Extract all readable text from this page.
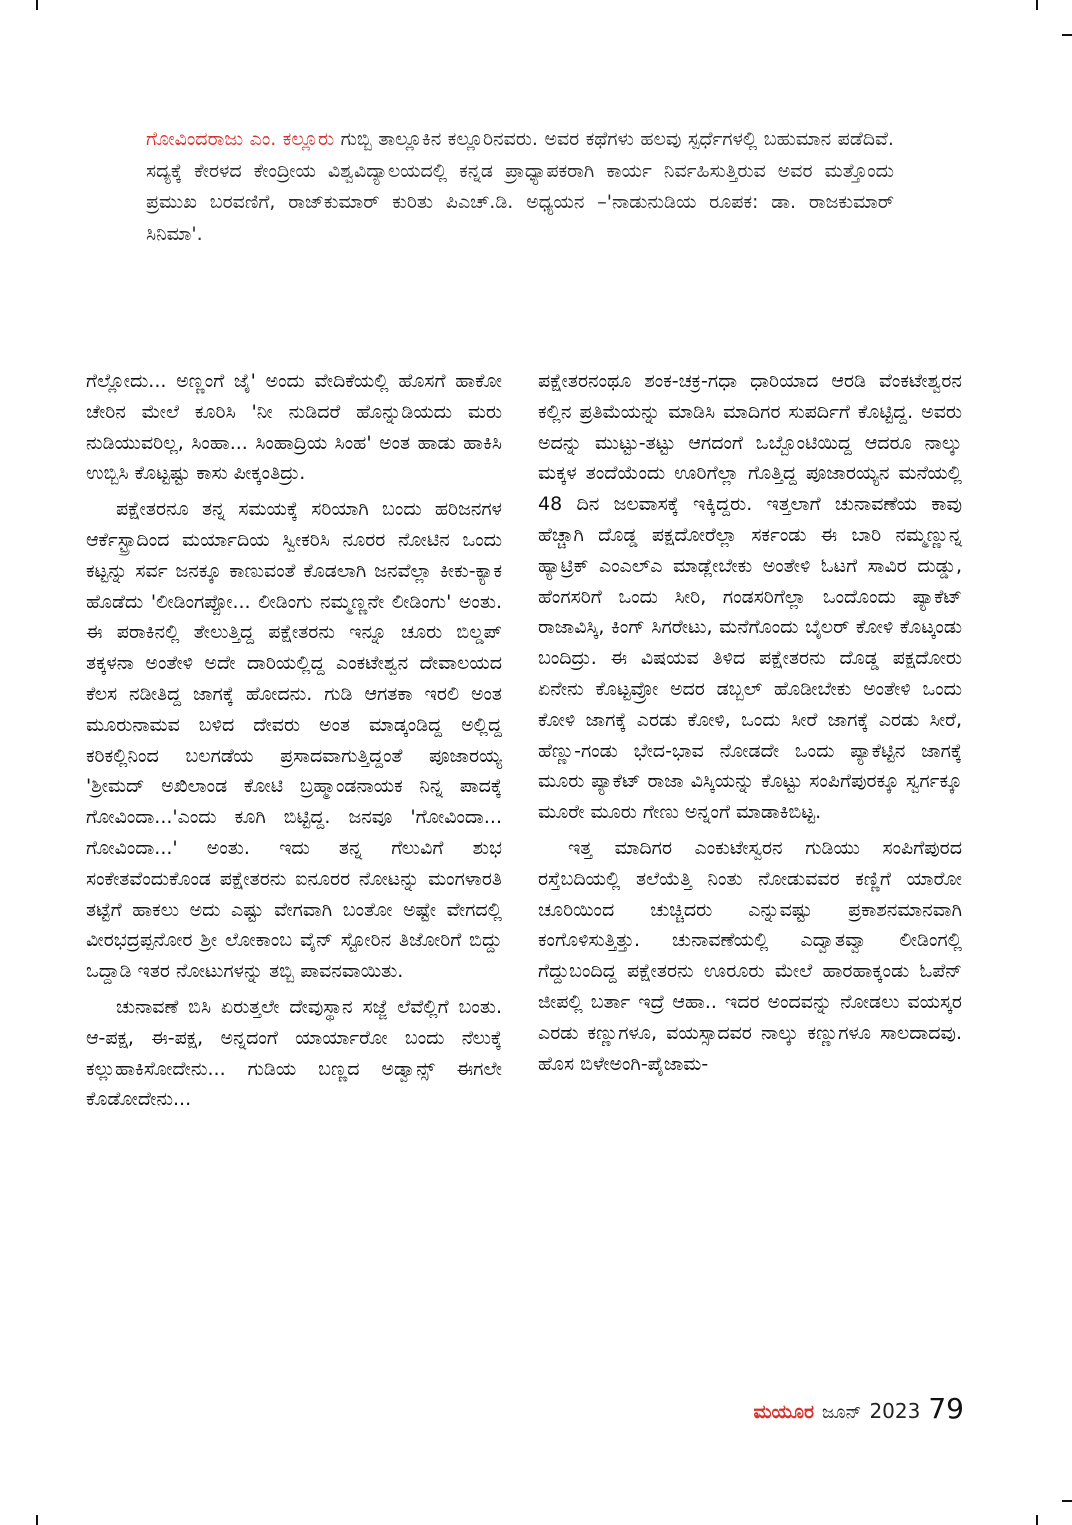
ಗೋವಿಂದರಾಜು ಎಂ. ಕಲ್ಲೂರು ಗುಬ್ಬಿ ತಾಲ್ಲೂಕಿನ ಕಲ್ಲೂರಿನವರು. ಅವರ ಕಥೆಗಳು ಹಲವು ಸ್ಪರ್ಧೆಗಳಲ್ಲಿ ಬಹುಮಾನ ಪಡೆದಿವೆ. ಸದ್ಯಕ್ಕೆ ಕೇರಳದ ಕೇಂದ್ರೀಯ ವಿಶ್ವವಿದ್ಯಾಲಯದಲ್ಲಿ ಕನ್ನಡ ಪ್ರಾಧ್ಯಾಪಕರಾಗಿ ಕಾರ್ಯ ನಿರ್ವಹಿಸುತ್ತಿರುವ ಅವರ ಮತ್ತೊಂದು ಪ್ರಮುಖ ಬರವಣಿಗೆ, ರಾಜ್‌ಕುಮಾರ್ ಕುರಿತು ಪಿಎಚ್.ಡಿ. ಅಧ್ಯಯನ –'ನಾಡುನುಡಿಯ ರೂಪಕ: ಡಾ. ರಾಜಕುಮಾರ್ ಸಿನಿಮಾ'.

ಗೆಲ್ಲೋದು... ಅಣ್ಣಂಗೆ ಜೈ' ಅಂದು ವೇದಿಕೆಯಲ್ಲಿ ಹೊಸಗೆ ಹಾಕೋ ಚೇರಿನ ಮೇಲೆ ಕೂರಿಸಿ 'ನೀ ನುಡಿದರೆ ಹೊನ್ನುಡಿಯದು ಮರು ನುಡಿಯುವರಿಲ್ಲ, ಸಿಂಹಾ... ಸಿಂಹಾದ್ರಿಯ ಸಿಂಹ' ಅಂತ ಹಾಡು ಹಾಕಿಸಿ ಉಬ್ಬಿಸಿ ಕೊಟ್ಟಷ್ಟು ಕಾಸು ಪೀಕ್ಕಂತಿದ್ರು.

ಪಕ್ಷೇತರನೂ ತನ್ನ ಸಮಯಕ್ಕೆ ಸರಿಯಾಗಿ ಬಂದು ಹರಿಜನಗಳ ಆರ್ಕೆಸ್ಟ್ರಾದಿಂದ ಮರ್ಯಾದಿಯ ಸ್ವೀಕರಿಸಿ ನೂರರ ನೋಟಿನ ಒಂದು ಕಟ್ಟನ್ನು ಸರ್ವ ಜನಕ್ಕೂ ಕಾಣುವಂತೆ ಕೊಡಲಾಗಿ ಜನವೆಲ್ಲಾ ಕೀಕು-ಕ್ಯಾಕ ಹೊಡೆದು 'ಲೀಡಿಂಗಪ್ಪೋ... ಲೀಡಿಂಗು ನಮ್ಮಣ್ಣನೇ ಲೀಡಿಂಗು' ಅಂತು. ಈ ಪರಾಕಿನಲ್ಲಿ ತೇಲುತ್ತಿದ್ದ ಪಕ್ಷೇತರನು ಇನ್ನೂ ಚೂರು ಬಿಲ್ಡಪ್ ತಕ್ಕಳನಾ ಅಂತೇಳಿ ಅದೇ ದಾರಿಯಲ್ಲಿದ್ದ ಎಂಕಟೇಶ್ವನ ದೇವಾಲಯದ ಕೆಲಸ ನಡೀತಿದ್ದ ಜಾಗಕ್ಕೆ ಹೋದನು. ಗುಡಿ ಆಗತಕಾ ಇರಲಿ ಅಂತ ಮೂರುನಾಮವ ಬಳಿದ ದೇವರು ಅಂತ ಮಾಡ್ಕಂಡಿದ್ದ ಅಲ್ಲಿದ್ದ ಕರಿಕಲ್ಲಿನಿಂದ ಬಲಗಡೆಯ ಪ್ರಸಾದವಾಗುತ್ತಿದ್ದಂತೆ ಪೂಜಾರಯ್ಯ 'ಶ್ರೀಮದ್ ಅಖಿಲಾಂಡ ಕೋಟಿ ಬ್ರಹ್ಮಾಂಡನಾಯಕ ನಿನ್ನ ಪಾದಕ್ಕೆ ಗೋವಿಂದಾ...'ಎಂದು ಕೂಗಿ ಬಿಟ್ಟಿದ್ದ. ಜನವೂ 'ಗೋವಿಂದಾ... ಗೋವಿಂದಾ...' ಅಂತು. ಇದು ತನ್ನ ಗೆಲುವಿಗೆ ಶುಭ ಸಂಕೇತವೆಂದುಕೊಂಡ ಪಕ್ಷೇತರನು ಐನೂರರ ನೋಟನ್ನು ಮಂಗಳಾರತಿ ತಟ್ಟೆಗೆ ಹಾಕಲು ಅದು ಎಷ್ಟು ವೇಗವಾಗಿ ಬಂತೋ ಅಷ್ಟೇ ವೇಗದಲ್ಲಿ ವೀರಭದ್ರಪ್ಪನೋರ ಶ್ರೀ ಲೋಕಾಂಬ ವೈನ್ ಸ್ಟೋರಿನ ತಿಜೋರಿಗೆ ಬಿದ್ದು ಒದ್ದಾಡಿ ಇತರ ನೋಟುಗಳನ್ನು ತಬ್ಬಿ ಪಾವನವಾಯಿತು.

ಚುನಾವಣೆ ಬಿಸಿ ಏರುತ್ತಲೇ ದೇವುಸ್ಥಾನ ಸಜ್ಜೆ ಲೆವೆಲ್ಲಿಗೆ ಬಂತು. ಆ-ಪಕ್ಷ, ಈ-ಪಕ್ಷ, ಅನ್ನದಂಗೆ ಯಾರ್ಯಾರೋ ಬಂದು ನೆಲುಕ್ಕೆ ಕಲ್ಲುಹಾಕಿಸೋದೇನು... ಗುಡಿಯ ಬಣ್ಣದ ಅಡ್ವಾನ್ಸ್ ಈಗಲೇ ಕೊಡೋದೇನು...

ಪಕ್ಷೇತರನಂಥೂ ಶಂಕ-ಚಕ್ರ-ಗಧಾ ಧಾರಿಯಾದ ಆರಡಿ ವೆಂಕಟೇಶ್ವರನ ಕಲ್ಲಿನ ಪ್ರತಿಮೆಯನ್ನು ಮಾಡಿಸಿ ಮಾದಿಗರ ಸುಪರ್ದಿಗೆ ಕೊಟ್ಟಿದ್ದ. ಅವರು ಅದನ್ನು ಮುಟ್ಟು-ತಟ್ಟು ಆಗದಂಗೆ ಒಬ್ಬೊಂಟಿಯಿದ್ದ ಆದರೂ ನಾಲ್ಕು ಮಕ್ಕಳ ತಂದೆಯೆಂದು ಊರಿಗೆಲ್ಲಾ ಗೊತ್ತಿದ್ದ ಪೂಜಾರಯ್ಯನ ಮನೆಯಲ್ಲಿ 48 ದಿನ ಜಲವಾಸಕ್ಕೆ ಇಕ್ಕಿದ್ದರು. ಇತ್ತಲಾಗೆ ಚುನಾವಣೆಯ ಕಾವು ಹೆಚ್ಚಾಗಿ ದೊಡ್ಡ ಪಕ್ಷದೋರೆಲ್ಲಾ ಸರ್ಕಂಡು ಈ ಬಾರಿ ನಮ್ಮಣ್ಣುನ್ನ ಹ್ಯಾಟ್ರಿಕ್ ಎಂಎಲ್ಎ ಮಾಡ್ಲೇಬೇಕು ಅಂತೇಳಿ ಓಟಗೆ ಸಾವಿರ ದುಡ್ಡು, ಹೆಂಗಸರಿಗೆ ಒಂದು ಸೀರಿ, ಗಂಡಸರಿಗೆಲ್ಲಾ ಒಂದೊಂದು ಪ್ಯಾಕೆಟ್ ರಾಜಾವಿಸ್ಕಿ, ಕಿಂಗ್ ಸಿಗರೇಟು, ಮನೆಗೊಂದು ಬೈಲರ್ ಕೋಳಿ ಕೊಟ್ಕಂಡು ಬಂದಿದ್ರು. ಈ ವಿಷಯವ ತಿಳಿದ ಪಕ್ಷೇತರನು ದೊಡ್ಡ ಪಕ್ಷದೋರು ಏನೇನು ಕೊಟ್ಟವ್ರೋ ಅದರ ಡಬ್ಬಲ್ ಹೊಡೀಬೇಕು ಅಂತೇಳಿ ಒಂದು ಕೋಳಿ ಜಾಗಕ್ಕೆ ಎರಡು ಕೋಳಿ, ಒಂದು ಸೀರೆ ಜಾಗಕ್ಕೆ ಎರಡು ಸೀರೆ, ಹೆಣ್ಣು-ಗಂಡು ಭೇದ-ಭಾವ ನೋಡದೇ ಒಂದು ಪ್ಯಾಕೆಟ್ಟಿನ ಜಾಗಕ್ಕೆ ಮೂರು ಪ್ಯಾಕೆಟ್ ರಾಜಾ ವಿಸ್ಕಿಯನ್ನು ಕೊಟ್ಟು ಸಂಪಿಗೆಪುರಕ್ಕೂ ಸ್ವರ್ಗಕ್ಕೂ ಮೂರೇ ಮೂರು ಗೇಣು ಅನ್ನಂಗೆ ಮಾಡಾಕಿಬಿಟ್ಟ.

ಇತ್ತ ಮಾದಿಗರ ಎಂಕುಟೇಸ್ವರನ ಗುಡಿಯು ಸಂಪಿಗೆಪುರದ ರಸ್ತೆಬದಿಯಲ್ಲಿ ತಲೆಯೆತ್ತಿ ನಿಂತು ನೋಡುವವರ ಕಣ್ಣಿಗೆ ಯಾರೋ ಚೂರಿಯಿಂದ ಚುಚ್ಚಿದರು ಎನ್ನುವಷ್ಟು ಪ್ರಕಾಶನಮಾನವಾಗಿ ಕಂಗೊಳಿಸುತ್ತಿತ್ತು. ಚುನಾವಣೆಯಲ್ಲಿ ಎದ್ವಾತವ್ವಾ ಲೀಡಿಂಗಲ್ಲಿ ಗೆದ್ದುಬಂದಿದ್ದ ಪಕ್ಷೇತರನು ಊರೂರು ಮೇಲೆ ಹಾರಹಾಕ್ಕಂಡು ಓಪೆನ್ ಜೀಪಲ್ಲಿ ಬರ್ತಾ ಇದ್ರೆ ಆಹಾ.. ಇದರ ಅಂದವನ್ನು ನೋಡಲು ವಯಸ್ಕರ ಎರಡು ಕಣ್ಣುಗಳೂ, ವಯಸ್ಸಾದವರ ನಾಲ್ಕು ಕಣ್ಣುಗಳೂ ಸಾಲದಾದವು. ಹೊಸ ಬಿಳೇಅಂಗಿ-ಪೈಜಾಮ-

ಮಯೂರ ಜೂನ್ 2023 79
